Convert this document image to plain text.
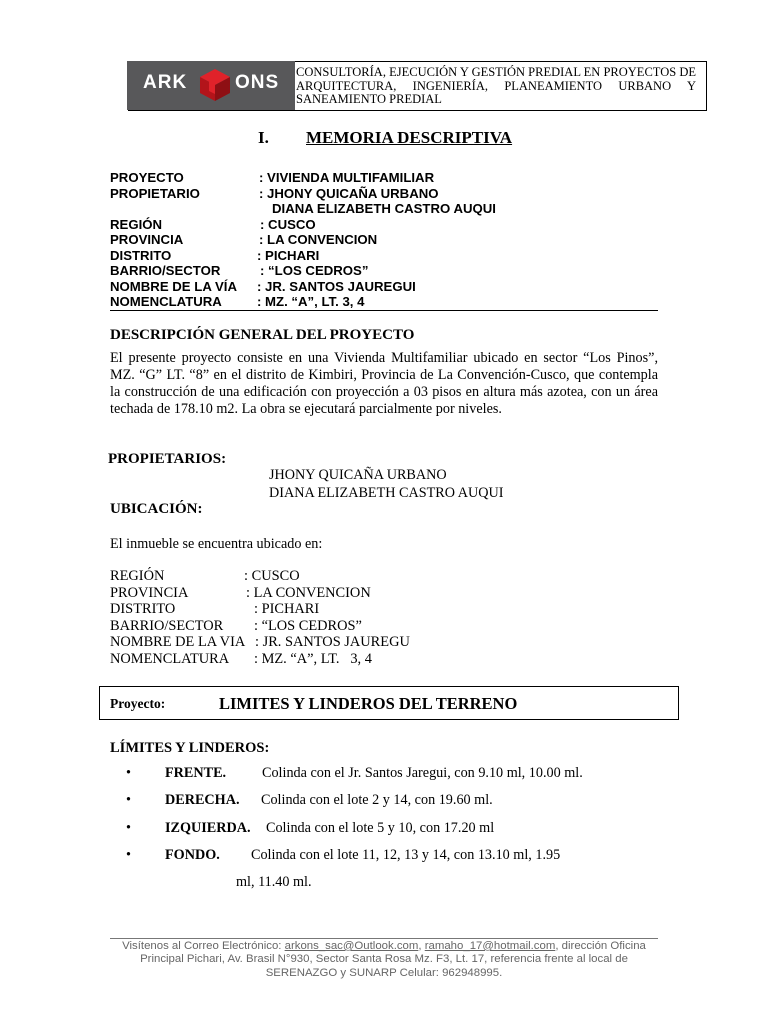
ARK	ONS CONSULTORÍA, EJECUCIÓN Y GESTIÓN PREDIAL EN PROYECTOS DE ARQUITECTURA, INGENIERÍA, PLANEAMIENTO URBANO Y SANEAMIENTO PREDIAL
I. MEMORIA DESCRIPTIVA
PROYECTO	: VIVIENDA MULTIFAMILIAR
PROPIETARIO	: JHONY QUICAÑA URBANO
DIANA ELIZABETH CASTRO AUQUI
REGIÓN	: CUSCO
PROVINCIA	: LA CONVENCION
DISTRITO	: PICHARI
BARRIO/SECTOR	: “LOS CEDROS”
NOMBRE DE LA VÍA : JR. SANTOS JAUREGUI
NOMENCLATURA	: MZ. “A”, LT. 3, 4
DESCRIPCIÓN GENERAL DEL PROYECTO
El presente proyecto consiste en una Vivienda Multifamiliar ubicado en sector “Los Pinos”, MZ. “G” LT. “8” en el distrito de Kimbiri, Provincia de La Convención-Cusco, que contempla la construcción de una edificación con proyección a 03 pisos en altura más azotea, con un área techada de 178.10 m2. La obra se ejecutará parcialmente por niveles.
PROPIETARIOS:
JHONY QUICAÑA URBANO
DIANA ELIZABETH CASTRO AUQUI
UBICACIÓN:
El inmueble se encuentra ubicado en:
REGIÓN	: CUSCO
PROVINCIA	: LA CONVENCION
DISTRITO	: PICHARI
BARRIO/SECTOR : “LOS CEDROS”
NOMBRE DE LA VIA : JR. SANTOS JAUREGU
NOMENCLATURA : MZ. “A”, LT.   3, 4
Proyecto:	LIMITES Y LINDEROS DEL TERRENO
LÍMITES Y LINDEROS:
• FRENTE.	Colinda con el Jr. Santos Jaregui, con 9.10 ml, 10.00 ml.
• DERECHA. Colinda con el lote 2 y 14, con 19.60 ml.
• IZQUIERDA. Colinda con el lote 5 y 10, con 17.20 ml
• FONDO. Colinda con el lote 11, 12, 13 y 14, con 13.10 ml, 1.95
ml, 11.40 ml.
Visítenos al Correo Electrónico: arkons_sac@Outlook.com, ramaho_17@hotmail.com, dirección Oficina Principal Pichari, Av. Brasil N°930, Sector Santa Rosa Mz. F3, Lt. 17, referencia frente al local de SERENAZGO y SUNARP Celular: 962948995.
